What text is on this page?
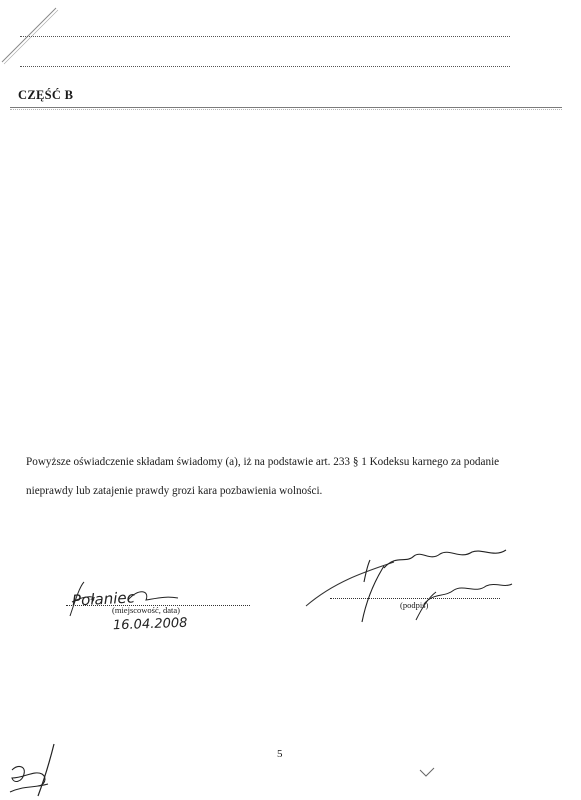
CZĘŚĆ B
Powyższe oświadczenie składam świadomy (a), iż na podstawie art. 233 § 1 Kodeksu karnego za podanie
nieprawdy lub zatajenie prawdy grozi kara pozbawienia wolności.
Połaniec
(miejscowość, data)
16.04.2008
(podpis)
5
